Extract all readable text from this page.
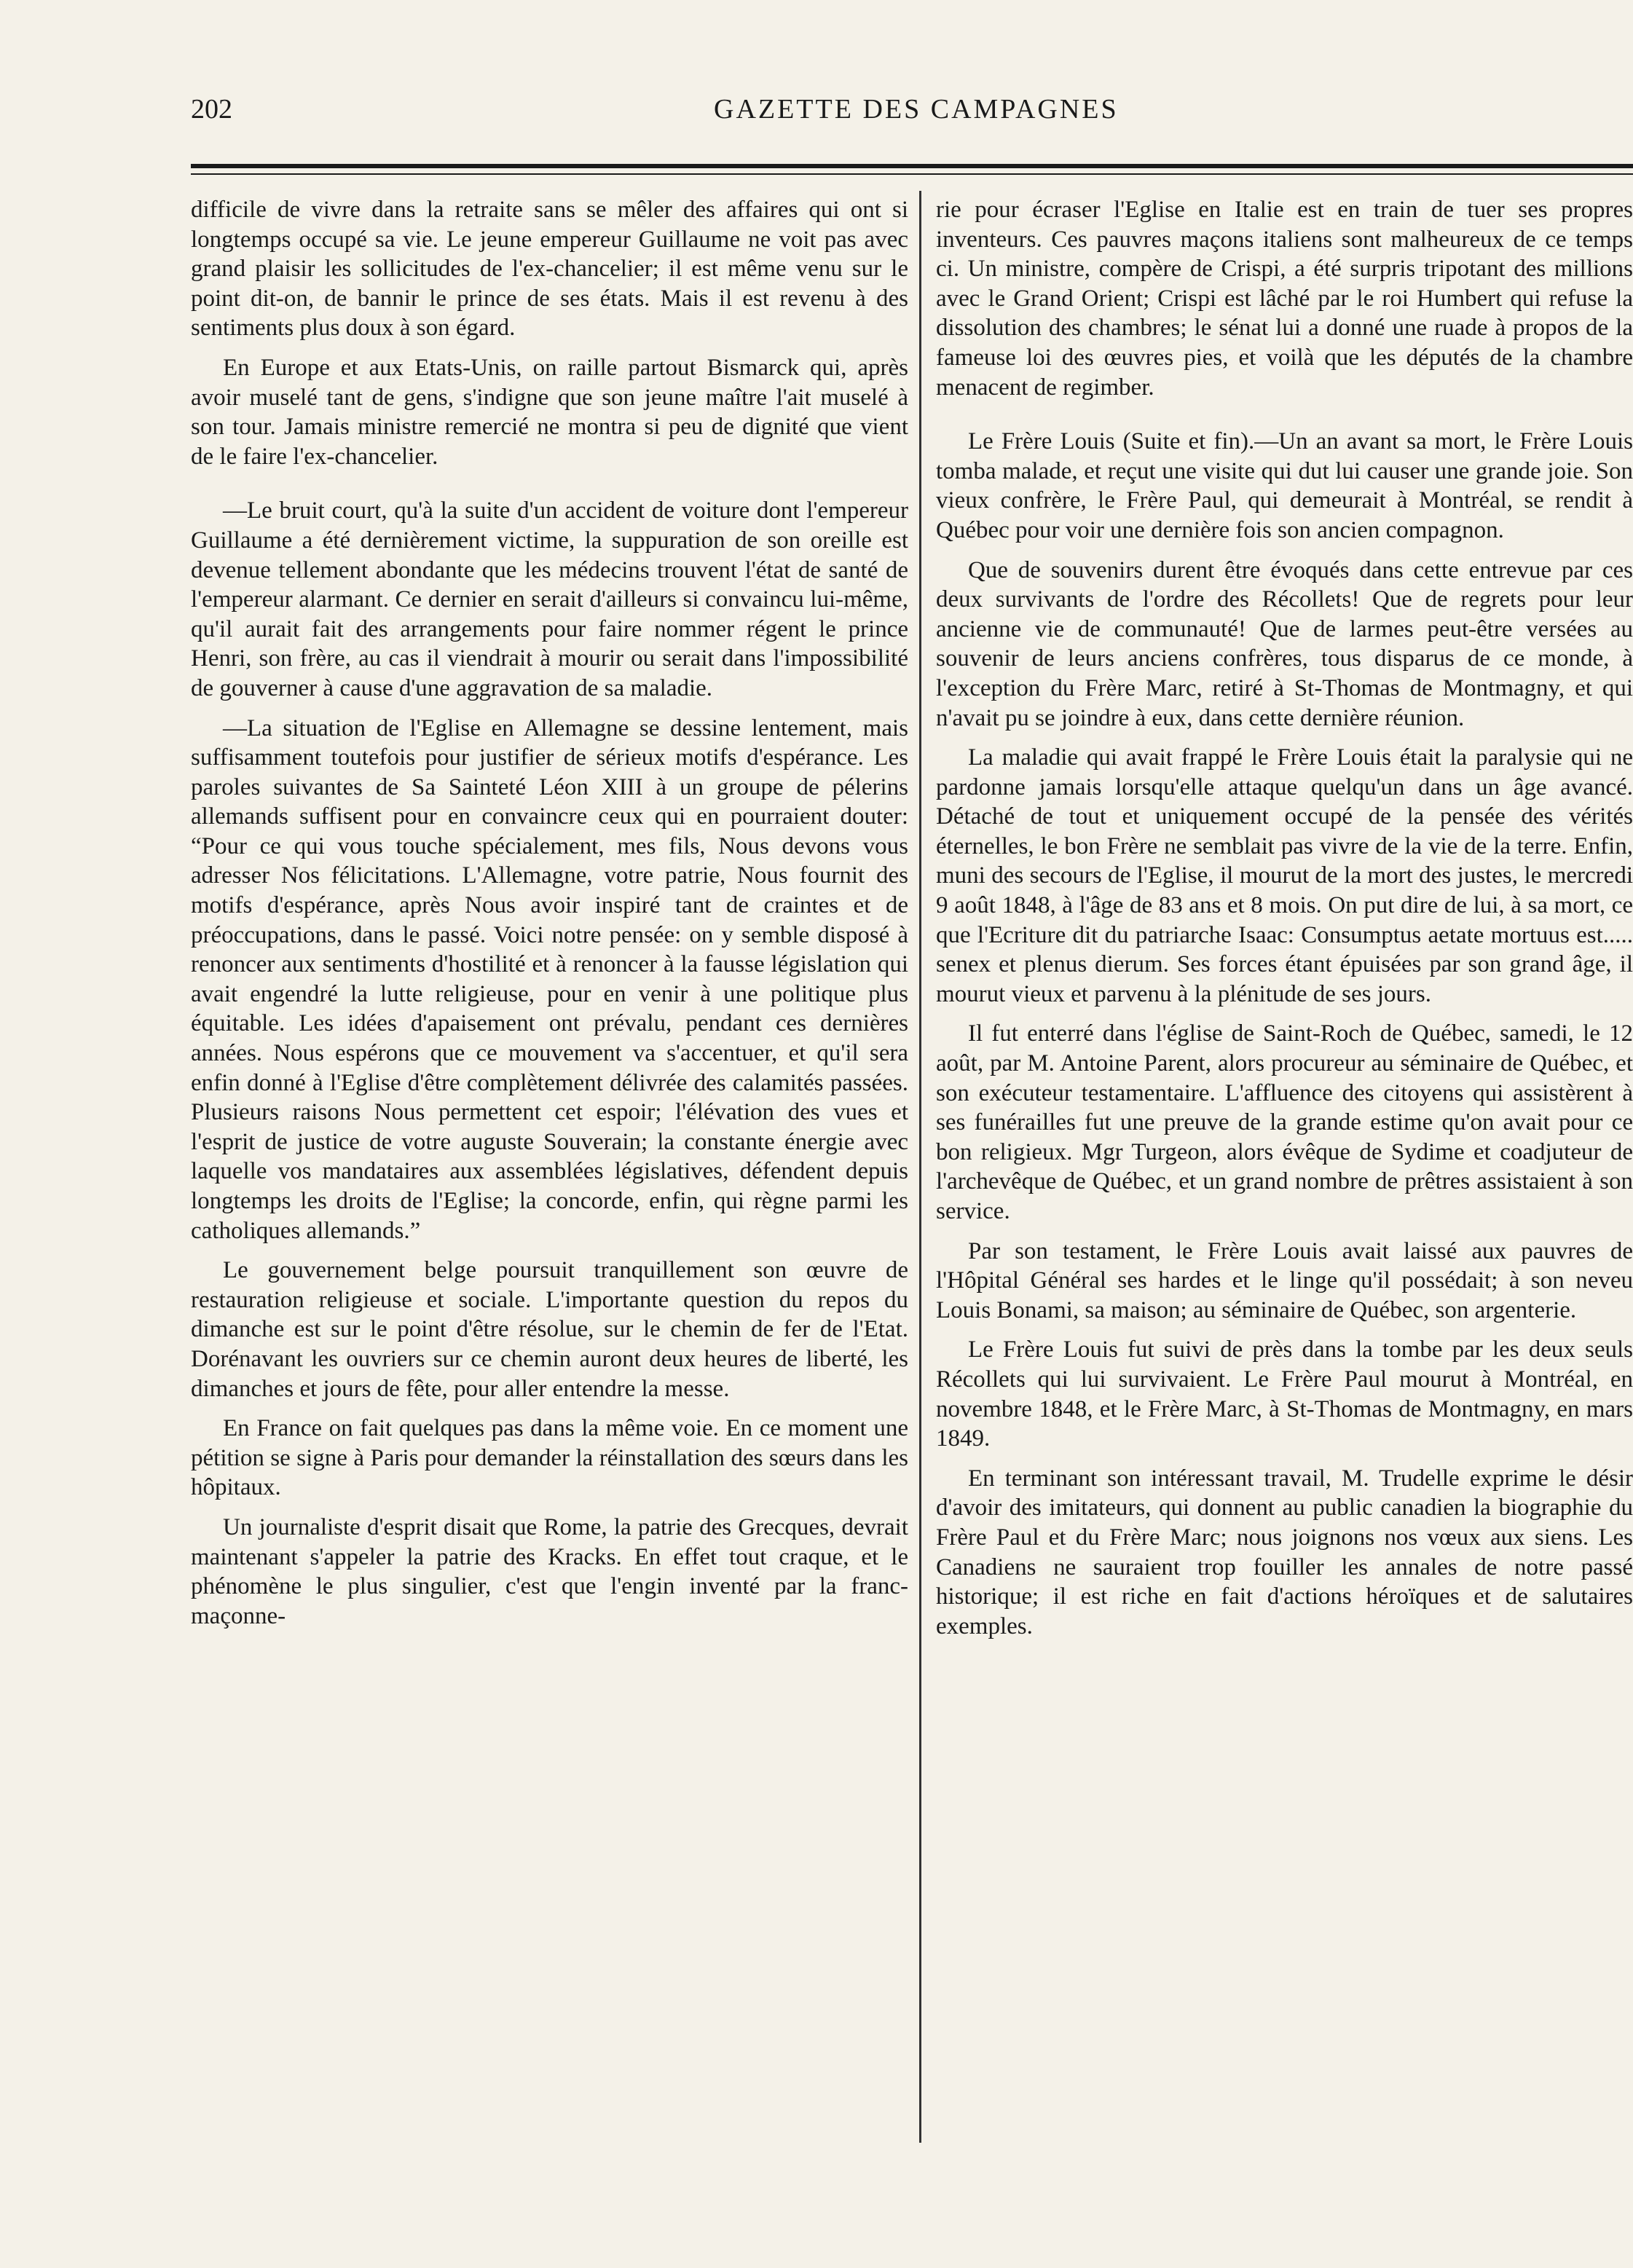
202	GAZETTE DES CAMPAGNES

difficile de vivre dans la retraite sans se mêler des affaires qui ont si longtemps occupé sa vie. Le jeune empereur Guillaume ne voit pas avec grand plaisir les sollicitudes de l'ex-chancelier; il est même venu sur le point dit-on, de bannir le prince de ses états. Mais il est revenu à des sentiments plus doux à son égard.

En Europe et aux Etats-Unis, on raille partout Bismarck qui, après avoir muselé tant de gens, s'indigne que son jeune maître l'ait muselé à son tour. Jamais ministre remercié ne montra si peu de dignité que vient de le faire l'ex-chancelier.

—Le bruit court, qu'à la suite d'un accident de voiture dont l'empereur Guillaume a été dernièrement victime, la suppuration de son oreille est devenue tellement abondante que les médecins trouvent l'état de santé de l'empereur alarmant. Ce dernier en serait d'ailleurs si convaincu lui-même, qu'il aurait fait des arrangements pour faire nommer régent le prince Henri, son frère, au cas il viendrait à mourir ou serait dans l'impossibilité de gouverner à cause d'une aggravation de sa maladie.

—La situation de l'Eglise en Allemagne se dessine lentement, mais suffisamment toutefois pour justifier de sérieux motifs d'espérance. Les paroles suivantes de Sa Sainteté Léon XIII à un groupe de pélerins allemands suffisent pour en convaincre ceux qui en pourraient douter: “Pour ce qui vous touche spécialement, mes fils, Nous devons vous adresser Nos félicitations. L'Allemagne, votre patrie, Nous fournit des motifs d'espérance, après Nous avoir inspiré tant de craintes et de préoccupations, dans le passé. Voici notre pensée: on y semble disposé à renoncer aux sentiments d'hostilité et à renoncer à la fausse législation qui avait engendré la lutte religieuse, pour en venir à une politique plus équitable. Les idées d'apaisement ont prévalu, pendant ces dernières années. Nous espérons que ce mouvement va s'accentuer, et qu'il sera enfin donné à l'Eglise d'être complètement délivrée des calamités passées. Plusieurs raisons Nous permettent cet espoir; l'élévation des vues et l'esprit de justice de votre auguste Souverain; la constante énergie avec laquelle vos mandataires aux assemblées législatives, défendent depuis longtemps les droits de l'Eglise; la concorde, enfin, qui règne parmi les catholiques allemands.”

Le gouvernement belge poursuit tranquillement son œuvre de restauration religieuse et sociale. L'importante question du repos du dimanche est sur le point d'être résolue, sur le chemin de fer de l'Etat. Dorénavant les ouvriers sur ce chemin auront deux heures de liberté, les dimanches et jours de fête, pour aller entendre la messe.

En France on fait quelques pas dans la même voie. En ce moment une pétition se signe à Paris pour demander la réinstallation des sœurs dans les hôpitaux.

Un journaliste d'esprit disait que Rome, la patrie des Grecques, devrait maintenant s'appeler la patrie des Kracks. En effet tout craque, et le phénomène le plus singulier, c'est que l'engin inventé par la franc-maçonne-

rie pour écraser l'Eglise en Italie est en train de tuer ses propres inventeurs. Ces pauvres maçons italiens sont malheureux de ce temps ci. Un ministre, compère de Crispi, a été surpris tripotant des millions avec le Grand Orient; Crispi est lâché par le roi Humbert qui refuse la dissolution des chambres; le sénat lui a donné une ruade à propos de la fameuse loi des œuvres pies, et voilà que les députés de la chambre menacent de regimber.

Le Frère Louis (Suite et fin).—Un an avant sa mort, le Frère Louis tomba malade, et reçut une visite qui dut lui causer une grande joie. Son vieux confrère, le Frère Paul, qui demeurait à Montréal, se rendit à Québec pour voir une dernière fois son ancien compagnon.

Que de souvenirs durent être évoqués dans cette entrevue par ces deux survivants de l'ordre des Récollets! Que de regrets pour leur ancienne vie de communauté! Que de larmes peut-être versées au souvenir de leurs anciens confrères, tous disparus de ce monde, à l'exception du Frère Marc, retiré à St-Thomas de Montmagny, et qui n'avait pu se joindre à eux, dans cette dernière réunion.

La maladie qui avait frappé le Frère Louis était la paralysie qui ne pardonne jamais lorsqu'elle attaque quelqu'un dans un âge avancé. Détaché de tout et uniquement occupé de la pensée des vérités éternelles, le bon Frère ne semblait pas vivre de la vie de la terre. Enfin, muni des secours de l'Eglise, il mourut de la mort des justes, le mercredi 9 août 1848, à l'âge de 83 ans et 8 mois. On put dire de lui, à sa mort, ce que l'Ecriture dit du patriarche Isaac: Consumptus aetate mortuus est..... senex et plenus dierum. Ses forces étant épuisées par son grand âge, il mourut vieux et parvenu à la plénitude de ses jours.

Il fut enterré dans l'église de Saint-Roch de Québec, samedi, le 12 août, par M. Antoine Parent, alors procureur au séminaire de Québec, et son exécuteur testamentaire. L'affluence des citoyens qui assistèrent à ses funérailles fut une preuve de la grande estime qu'on avait pour ce bon religieux. Mgr Turgeon, alors évêque de Sydime et coadjuteur de l'archevêque de Québec, et un grand nombre de prêtres assistaient à son service.

Par son testament, le Frère Louis avait laissé aux pauvres de l'Hôpital Général ses hardes et le linge qu'il possédait; à son neveu Louis Bonami, sa maison; au séminaire de Québec, son argenterie.

Le Frère Louis fut suivi de près dans la tombe par les deux seuls Récollets qui lui survivaient. Le Frère Paul mourut à Montréal, en novembre 1848, et le Frère Marc, à St-Thomas de Montmagny, en mars 1849.

En terminant son intéressant travail, M. Trudelle exprime le désir d'avoir des imitateurs, qui donnent au public canadien la biographie du Frère Paul et du Frère Marc; nous joignons nos vœux aux siens. Les Canadiens ne sauraient trop fouiller les annales de notre passé historique; il est riche en fait d'actions héroïques et de salutaires exemples.
